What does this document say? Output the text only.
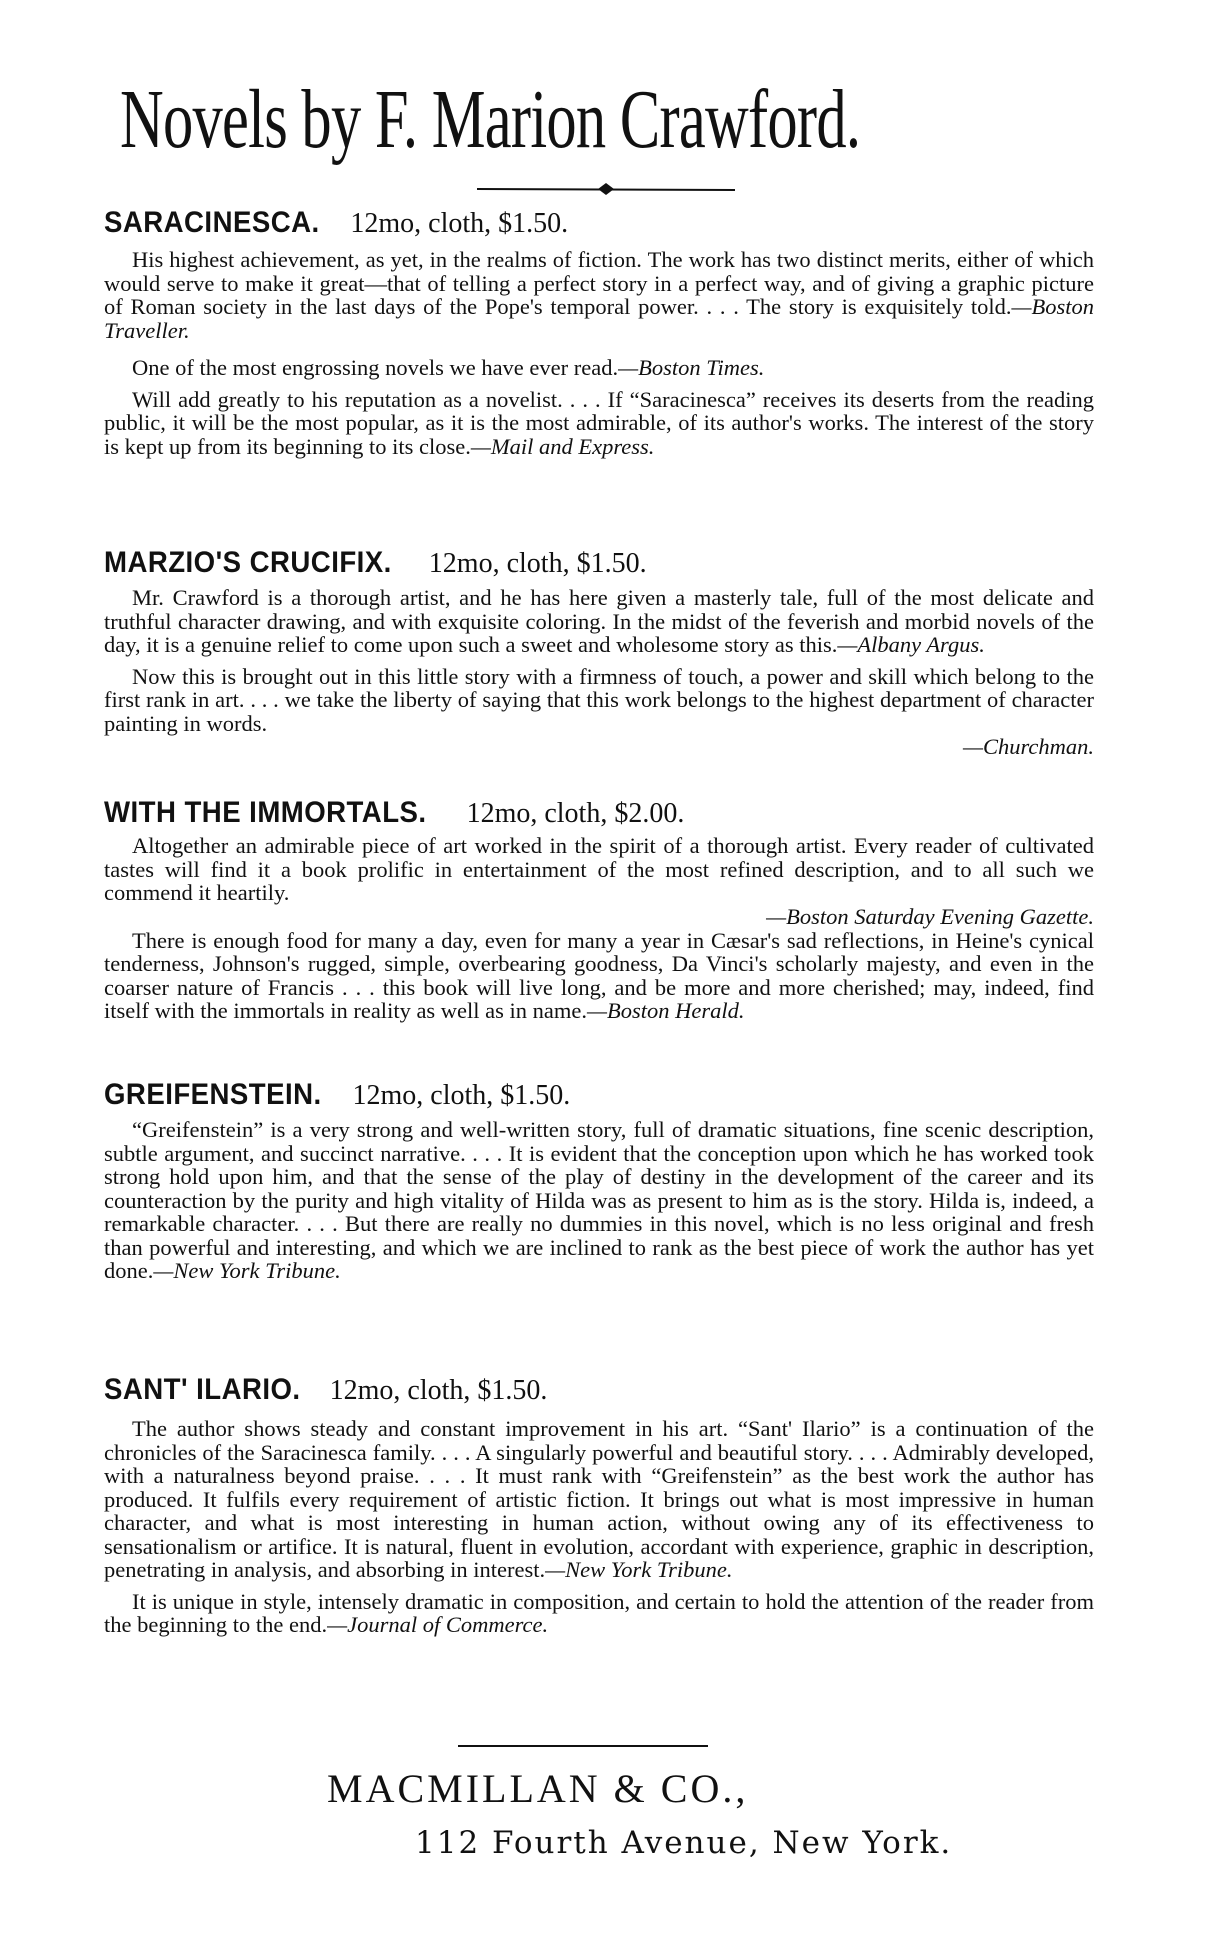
Novels by F. Marion Crawford.
SARACINESCA. 12mo, cloth, $1.50.

His highest achievement, as yet, in the realms of fiction. The work has two distinct merits, either of which would serve to make it great—that of telling a perfect story in a perfect way, and of giving a graphic picture of Roman society in the last days of the Pope's temporal power. . . . The story is exquisitely told.—Boston Traveller.

One of the most engrossing novels we have ever read.—Boston Times.

Will add greatly to his reputation as a novelist. . . . If “Saracinesca” receives its deserts from the reading public, it will be the most popular, as it is the most admirable, of its author's works. The interest of the story is kept up from its beginning to its close.—Mail and Express.

MARZIO'S CRUCIFIX. 12mo, cloth, $1.50.

Mr. Crawford is a thorough artist, and he has here given a masterly tale, full of the most delicate and truthful character drawing, and with exquisite coloring. In the midst of the feverish and morbid novels of the day, it is a genuine relief to come upon such a sweet and wholesome story as this.—Albany Argus.

Now this is brought out in this little story with a firmness of touch, a power and skill which belong to the first rank in art. . . . we take the liberty of saying that this work belongs to the highest department of character painting in words.

—Churchman.
WITH THE IMMORTALS. 12mo, cloth, $2.00.

Altogether an admirable piece of art worked in the spirit of a thorough artist. Every reader of cultivated tastes will find it a book prolific in entertainment of the most refined description, and to all such we commend it heartily.

—Boston Saturday Evening Gazette.

There is enough food for many a day, even for many a year in Cæsar's sad reflections, in Heine's cynical tenderness, Johnson's rugged, simple, overbearing goodness, Da Vinci's scholarly majesty, and even in the coarser nature of Francis . . . this book will live long, and be more and more cherished; may, indeed, find itself with the immortals in reality as well as in name.—Boston Herald.

GREIFENSTEIN. 12mo, cloth, $1.50.

“Greifenstein” is a very strong and well-written story, full of dramatic situations, fine scenic description, subtle argument, and succinct narrative. . . . It is evident that the conception upon which he has worked took strong hold upon him, and that the sense of the play of destiny in the development of the career and its counteraction by the purity and high vitality of Hilda was as present to him as is the story. Hilda is, indeed, a remarkable character. . . . But there are really no dummies in this novel, which is no less original and fresh than powerful and interesting, and which we are inclined to rank as the best piece of work the author has yet done.—New York Tribune.

SANT' ILARIO. 12mo, cloth, $1.50.

The author shows steady and constant improvement in his art. “Sant' Ilario” is a continuation of the chronicles of the Saracinesca family. . . . A singularly powerful and beautiful story. . . . Admirably developed, with a naturalness beyond praise. . . . It must rank with “Greifenstein” as the best work the author has produced. It fulfils every requirement of artistic fiction. It brings out what is most impressive in human character, and what is most interesting in human action, without owing any of its effectiveness to sensationalism or artifice. It is natural, fluent in evolution, accordant with experience, graphic in description, penetrating in analysis, and absorbing in interest.—New York Tribune.

It is unique in style, intensely dramatic in composition, and certain to hold the attention of the reader from the beginning to the end.—Journal of Commerce.

MACMILLAN & CO.,
112 Fourth Avenue, New York.
